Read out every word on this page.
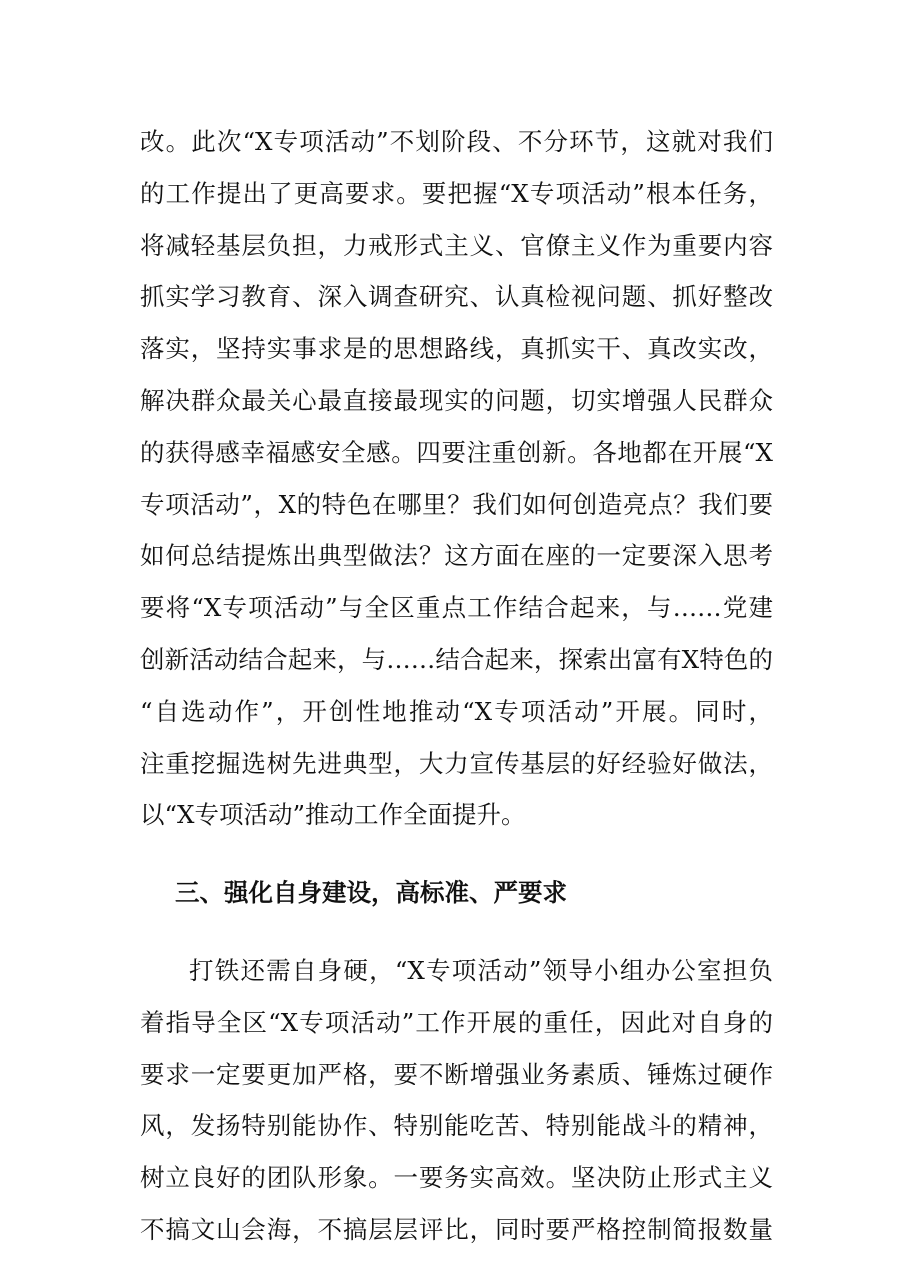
改。此次“X专项活动”不划阶段、不分环节，这就对我们
的工作提出了更高要求。要把握“X专项活动”根本任务，
将减轻基层负担，力戒形式主义、官僚主义作为重要内容
抓实学习教育、深入调查研究、认真检视问题、抓好整改
落实，坚持实事求是的思想路线，真抓实干、真改实改，
解决群众最关心最直接最现实的问题，切实增强人民群众
的获得感幸福感安全感。四要注重创新。各地都在开展“X
专项活动”，X的特色在哪里？我们如何创造亮点？我们要
如何总结提炼出典型做法？这方面在座的一定要深入思考
要将“X专项活动”与全区重点工作结合起来，与……党建
创新活动结合起来，与……结合起来，探索出富有X特色的
“自选动作”，开创性地推动“X专项活动”开展。同时，
注重挖掘选树先进典型，大力宣传基层的好经验好做法，
以“X专项活动”推动工作全面提升。
三、强化自身建设，高标准、严要求
打铁还需自身硬，“X专项活动”领导小组办公室担负
着指导全区“X专项活动”工作开展的重任，因此对自身的
要求一定要更加严格，要不断增强业务素质、锤炼过硬作
风，发扬特别能协作、特别能吃苦、特别能战斗的精神，
树立良好的团队形象。一要务实高效。坚决防止形式主义
不搞文山会海，不搞层层评比，同时要严格控制简报数量
